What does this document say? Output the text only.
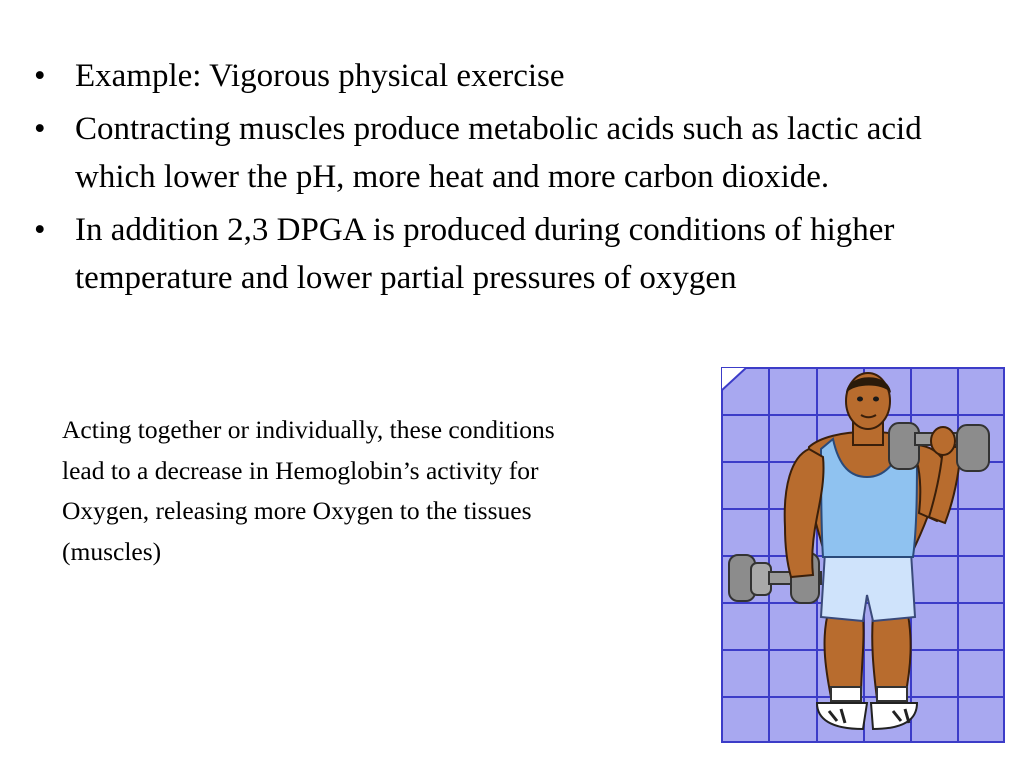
• Example: Vigorous physical exercise
• Contracting muscles produce metabolic acids such as lactic acid which lower the pH, more heat and more carbon dioxide.
• In addition 2,3 DPGA is produced during conditions of higher temperature and lower partial pressures of oxygen

Acting together or individually, these conditions lead to a decrease in Hemoglobin’s activity for Oxygen, releasing more Oxygen to the tissues (muscles)
